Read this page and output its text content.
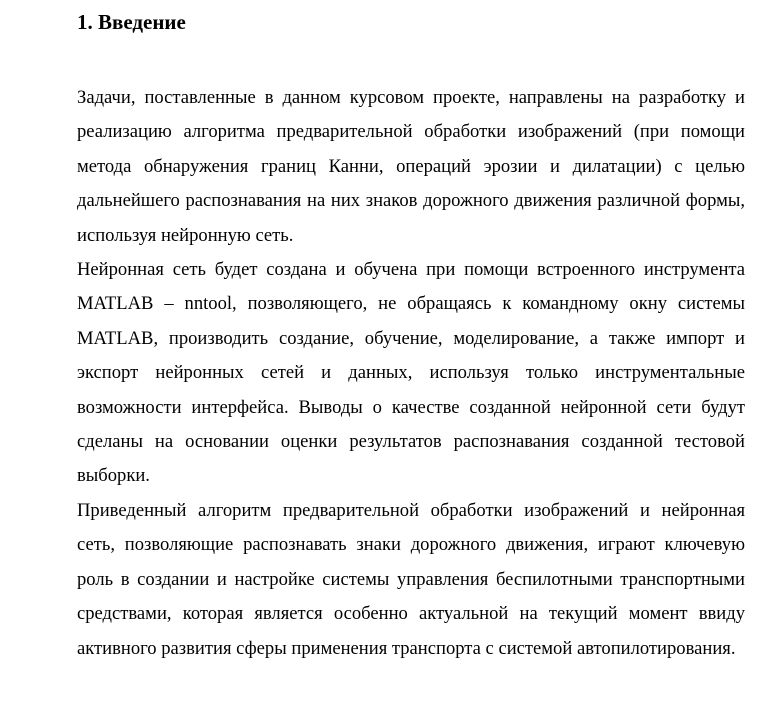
1. Введение

Задачи, поставленные в данном курсовом проекте, направлены на разработку и реализацию алгоритма предварительной обработки изображений (при помощи метода обнаружения границ Канни, операций эрозии и дилатации) с целью дальнейшего распознавания на них знаков дорожного движения различной формы, используя нейронную сеть.

Нейронная сеть будет создана и обучена при помощи встроенного инструмента MATLAB – nntool, позволяющего, не обращаясь к командному окну системы MATLAB, производить создание, обучение, моделирование, а также импорт и экспорт нейронных сетей и данных, используя только инструментальные возможности интерфейса. Выводы о качестве созданной нейронной сети будут сделаны на основании оценки результатов распознавания созданной тестовой выборки.

Приведенный алгоритм предварительной обработки изображений и нейронная сеть, позволяющие распознавать знаки дорожного движения, играют ключевую роль в создании и настройке системы управления беспилотными транспортными средствами, которая является особенно актуальной на текущий момент ввиду активного развития сферы применения транспорта с системой автопилотирования.
